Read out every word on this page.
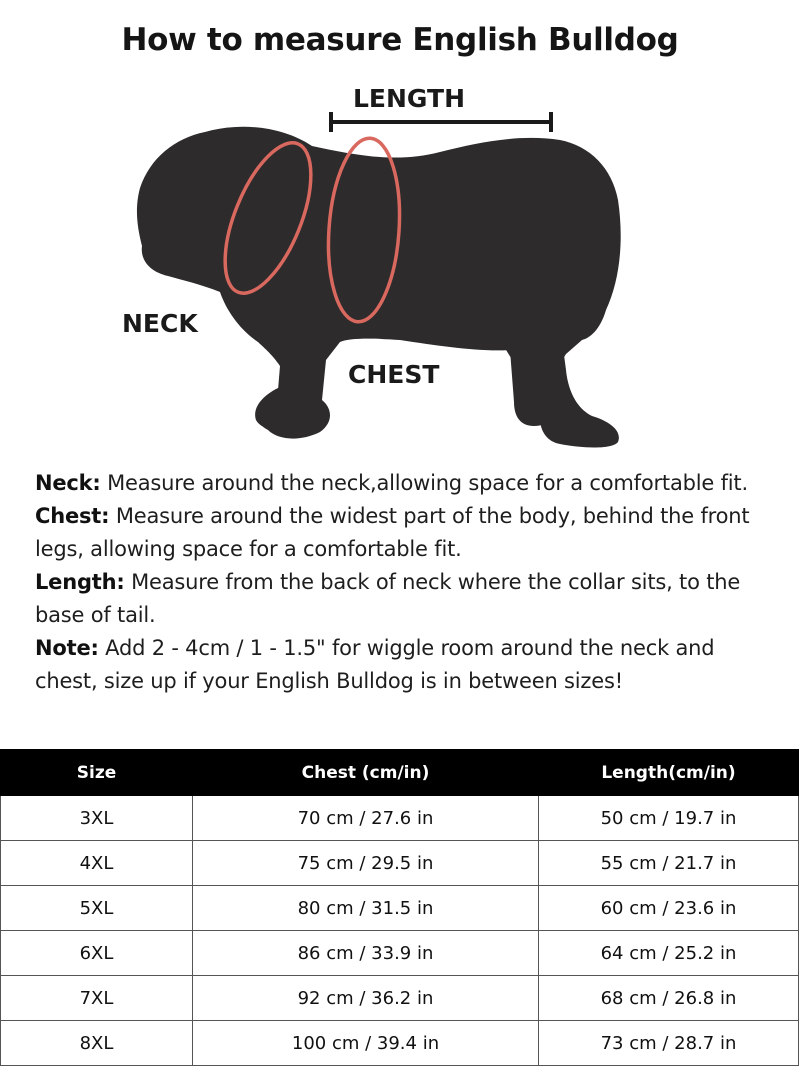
How to measure English Bulldog
LENGTH
NECK
CHEST

Neck: Measure around the neck,allowing space for a comfortable fit.

Chest: Measure around the widest part of the body, behind the front legs, allowing space for a comfortable fit.

Length: Measure from the back of neck where the collar sits, to the base of tail.

Note: Add 2 - 4cm / 1 - 1.5" for wiggle room around the neck and chest, size up if your English Bulldog is in between sizes!

Size	Chest (cm/in)	Length(cm/in)
3XL	70 cm / 27.6 in	50 cm / 19.7 in
4XL	75 cm / 29.5 in	55 cm / 21.7 in
5XL	80 cm / 31.5 in	60 cm / 23.6 in
6XL	86 cm / 33.9 in	64 cm / 25.2 in
7XL	92 cm / 36.2 in	68 cm / 26.8 in
8XL	100 cm / 39.4 in	73 cm / 28.7 in
